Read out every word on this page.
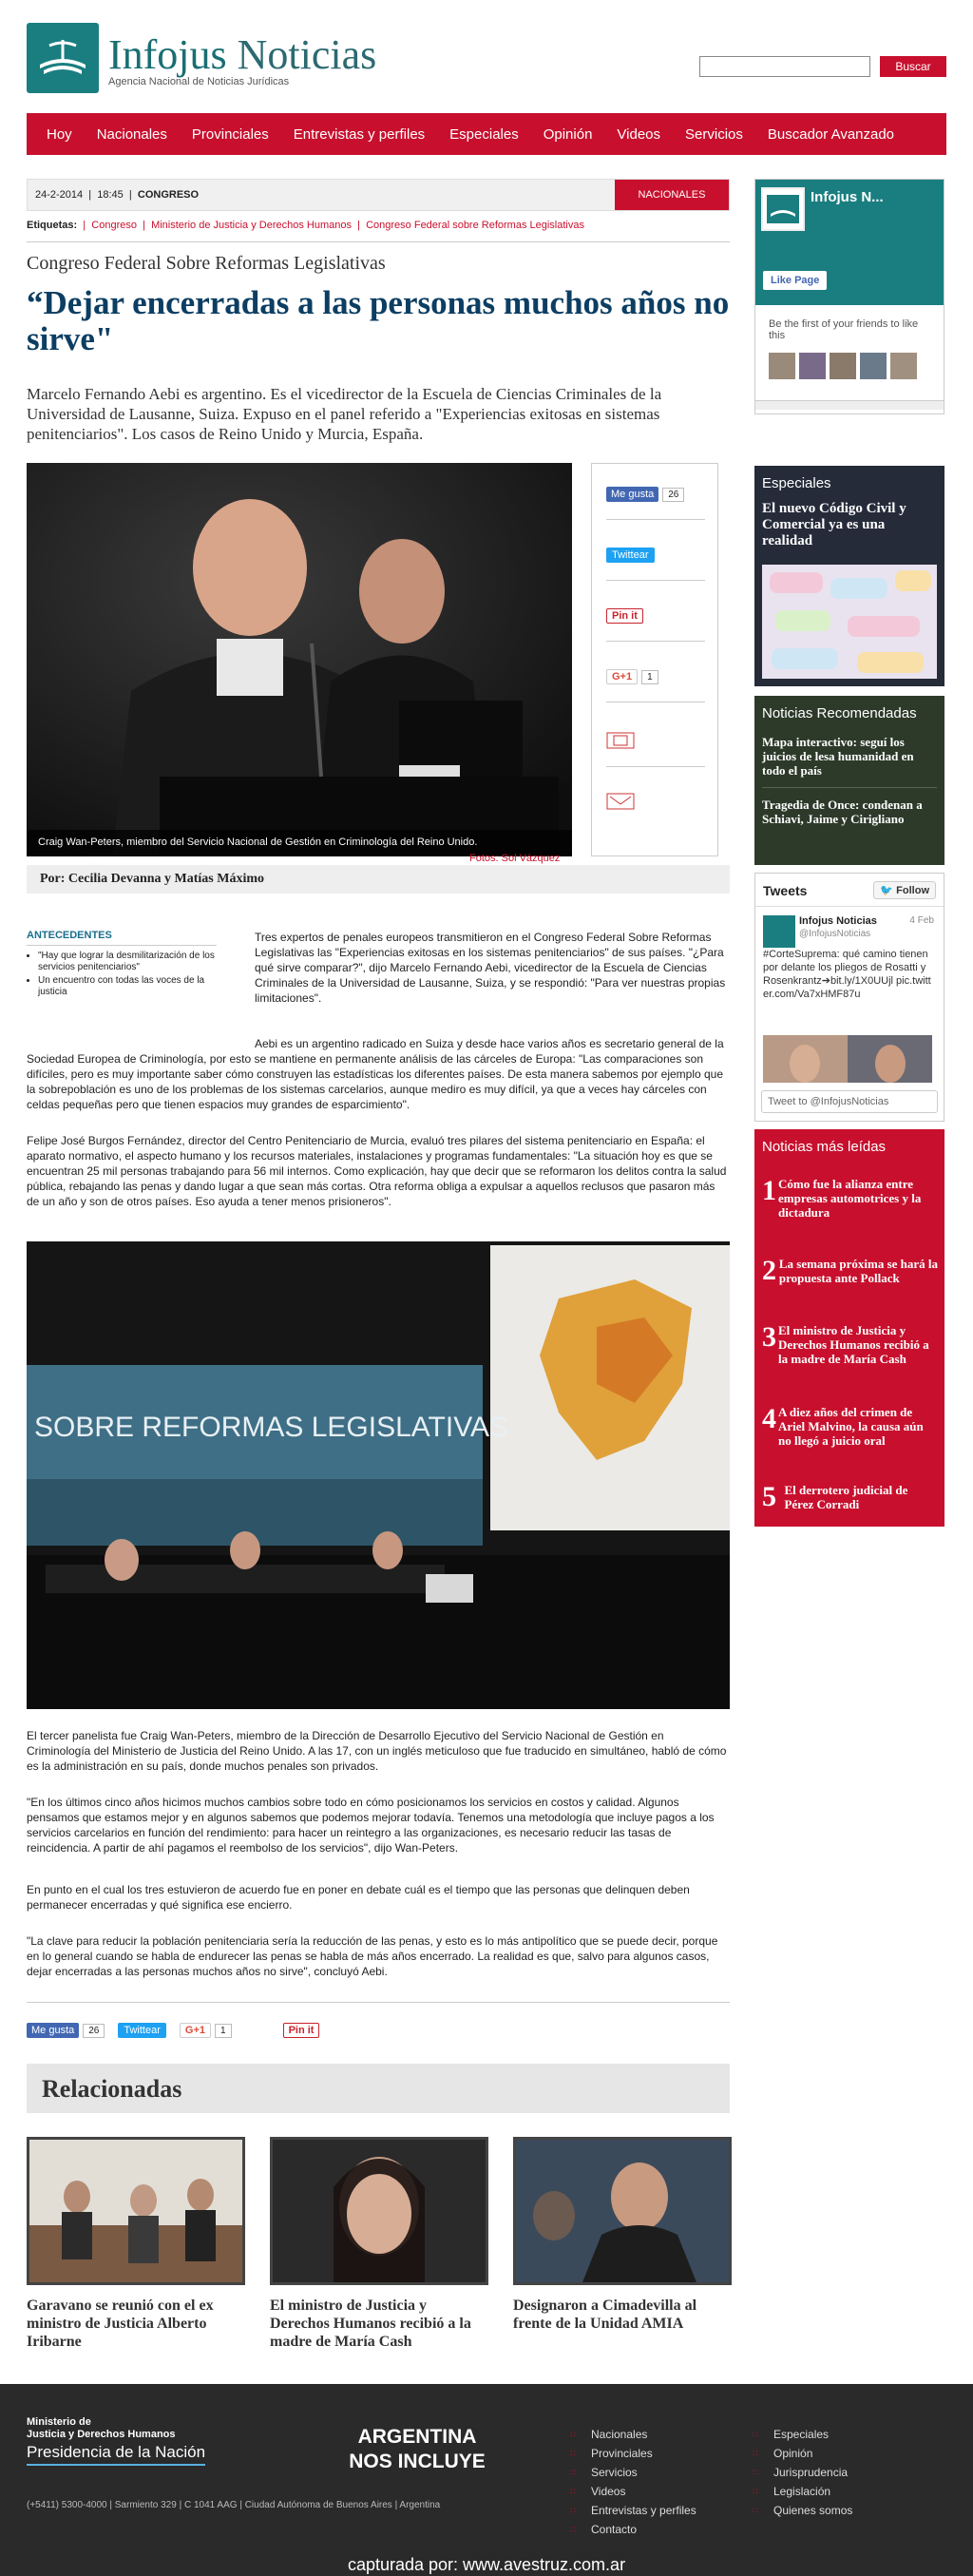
Infojus Noticias
Agencia Nacional de Noticias Jurídicas
Buscar
Hoy	Nacionales	Provinciales	Entrevistas y perfiles	Especiales	Opinión	Videos	Servicios	Buscador Avanzado
24-2-2014 | 18:45 | CONGRESO	NACIONALES
Etiquetas:  |  Congreso  |  Ministerio de Justicia y Derechos Humanos  |  Congreso Federal sobre Reformas Legislativas
Congreso Federal Sobre Reformas Legislativas
“Dejar encerradas a las personas muchos años no sirve"
Marcelo Fernando Aebi es argentino. Es el vicedirector de la Escuela de Ciencias Criminales de la Universidad de Lausanne, Suiza. Expuso en el panel referido a "Experiencias exitosas en sistemas penitenciarios". Los casos de Reino Unido y Murcia, España.
Craig Wan-Peters, miembro del Servicio Nacional de Gestión en Criminología del Reino Unido.
Fotos: Sol Vázquez
Me gusta	26
Twittear
Pin it
G+1	1
Por: Cecilia Devanna y Matías Máximo
ANTECEDENTES
• "Hay que lograr la desmilitarización de los servicios penitenciarios"
• Un encuentro con todas las voces de la justicia
Tres expertos de penales europeos transmitieron en el Congreso Federal Sobre Reformas Legislativas las "Experiencias exitosas en los sistemas penitenciarios" de sus países. "¿Para qué sirve comparar?", dijo Marcelo Fernando Aebi, vicedirector de la Escuela de Ciencias Criminales de la Universidad de Lausanne, Suiza, y se respondió: "Para ver nuestras propias limitaciones".
Aebi es un argentino radicado en Suiza y desde hace varios años es secretario general de la Sociedad Europea de Criminología, por esto se mantiene en permanente análisis de las cárceles de Europa: "Las comparaciones son difíciles, pero es muy importante saber cómo construyen las estadísticas los diferentes países. De esta manera sabemos por ejemplo que la sobrepoblación es uno de los problemas de los sistemas carcelarios, aunque mediro es muy difícil, ya que a veces hay cárceles con celdas pequeñas pero que tienen espacios muy grandes de esparcimiento".
Felipe José Burgos Fernández, director del Centro Penitenciario de Murcia, evaluó tres pilares del sistema penitenciario en España: el aparato normativo, el aspecto humano y los recursos materiales, instalaciones y programas fundamentales: "La situación hoy es que se encuentran 25 mil personas trabajando para 56 mil internos. Como explicación, hay que decir que se reformaron los delitos contra la salud pública, rebajando las penas y dando lugar a que sean más cortas. Otra reforma obliga a expulsar a aquellos reclusos que pasaron más de un año y son de otros países. Eso ayuda a tener menos prisioneros".
SOBRE REFORMAS LEGISLATIVAS
El tercer panelista fue Craig Wan-Peters, miembro de la Dirección de Desarrollo Ejecutivo del Servicio Nacional de Gestión en Criminología del Ministerio de Justicia del Reino Unido. A las 17, con un inglés meticuloso que fue traducido en simultáneo, habló de cómo es la administración en su país, donde muchos penales son privados.
"En los últimos cinco años hicimos muchos cambios sobre todo en cómo posicionamos los servicios en costos y calidad. Algunos pensamos que estamos mejor y en algunos sabemos que podemos mejorar todavía. Tenemos una metodología que incluye pagos a los servicios carcelarios en función del rendimiento: para hacer un reintegro a las organizaciones, es necesario reducir las tasas de reincidencia. A partir de ahí pagamos el reembolso de los servicios", dijo Wan-Peters.
En punto en el cual los tres estuvieron de acuerdo fue en poner en debate cuál es el tiempo que las personas que delinquen deben permanecer encerradas y qué significa ese encierro.
"La clave para reducir la población penitenciaria sería la reducción de las penas, y esto es lo más antipolítico que se puede decir, porque en lo general cuando se habla de endurecer las penas se habla de más años encerrado. La realidad es que, salvo para algunos casos, dejar encerradas a las personas muchos años no sirve", concluyó Aebi.
Me gusta 26	Twittear	G+1 1	Pin it
Relacionadas
Garavano se reunió con el ex ministro de Justicia Alberto Iribarne
El ministro de Justicia y Derechos Humanos recibió a la madre de María Cash
Designaron a Cimadevilla al frente de la Unidad AMIA
Infojus N...
Like Page
Be the first of your friends to like this
Especiales
El nuevo Código Civil y Comercial ya es una realidad
Noticias Recomendadas
Mapa interactivo: seguí los juicios de lesa humanidad en todo el país
Tragedia de Once: condenan a Schiavi, Jaime y Cirigliano
Tweets	🐦 Follow
Infojus Noticias
@InfojusNoticias
4 Feb
#CorteSuprema: qué camino tienen por delante los pliegos de Rosatti y Rosenkrantz➔bit.ly/1X0UUjl pic.twitter.com/Va7xHMF87u
Tweet to @InfojusNoticias
Noticias más leídas
1 Cómo fue la alianza entre empresas automotrices y la dictadura
2 La semana próxima se hará la propuesta ante Pollack
3 El ministro de Justicia y Derechos Humanos recibió a la madre de María Cash
4 A diez años del crimen de Ariel Malvino, la causa aún no llegó a juicio oral
5 El derrotero judicial de Pérez Corradi
Ministerio de
Justicia y Derechos Humanos
Presidencia de la Nación
ARGENTINA
NOS INCLUYE
(+5411) 5300-4000 | Sarmiento 329 | C 1041 AAG | Ciudad Autónoma de Buenos Aires | Argentina
∷	Nacionales
∷	Provinciales
∷	Servicios
∷	Videos
∷	Entrevistas y perfiles
∷	Contacto
∷	Especiales
∷	Opinión
∷	Jurisprudencia
∷	Legislación
∷	Quienes somos
capturada por: www.avestruz.com.ar
